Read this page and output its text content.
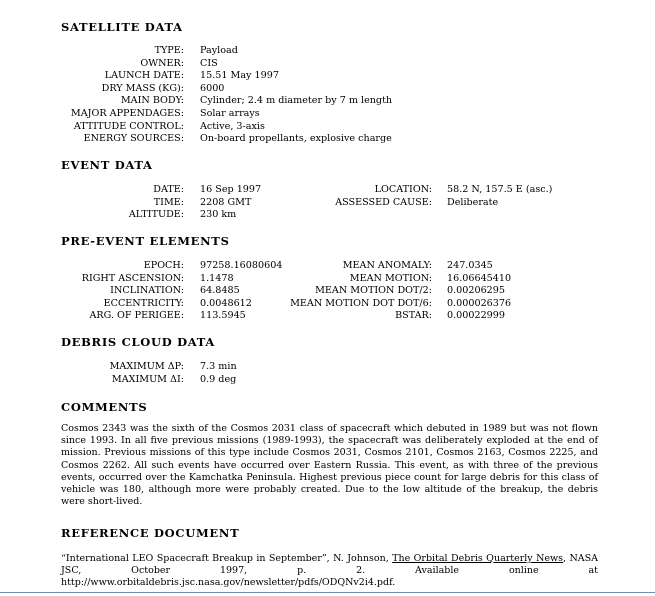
SATELLITE DATA
TYPE: Payload
OWNER: CIS
LAUNCH DATE: 15.51 May 1997
DRY MASS (KG): 6000
MAIN BODY: Cylinder; 2.4 m diameter by 7 m length
MAJOR APPENDAGES: Solar arrays
ATTITUDE CONTROL: Active, 3-axis
ENERGY SOURCES: On-board propellants, explosive charge
EVENT DATA
DATE: 16 Sep 1997
TIME: 2208 GMT
ALTITUDE: 230 km
LOCATION: 58.2 N, 157.5 E (asc.)
ASSESSED CAUSE: Deliberate
PRE-EVENT ELEMENTS
EPOCH: 97258.16080604
RIGHT ASCENSION: 1.1478
INCLINATION: 64.8485
ECCENTRICITY: 0.0048612
ARG. OF PERIGEE: 113.5945
MEAN ANOMALY: 247.0345
MEAN MOTION: 16.06645410
MEAN MOTION DOT/2: 0.00206295
MEAN MOTION DOT DOT/6: 0.000026376
BSTAR: 0.00022999
DEBRIS CLOUD DATA
MAXIMUM ΔP: 7.3 min
MAXIMUM ΔI: 0.9 deg
COMMENTS

Cosmos 2343 was the sixth of the Cosmos 2031 class of spacecraft which debuted in 1989 but was not flown since 1993. In all five previous missions (1989-1993), the spacecraft was deliberately exploded at the end of mission. Previous missions of this type include Cosmos 2031, Cosmos 2101, Cosmos 2163, Cosmos 2225, and Cosmos 2262. All such events have occurred over Eastern Russia. This event, as with three of the previous events, occurred over the Kamchatka Peninsula. Highest previous piece count for large debris for this class of vehicle was 180, although more were probably created. Due to the low altitude of the breakup, the debris were short-lived.

REFERENCE DOCUMENT

“International LEO Spacecraft Breakup in September”, N. Johnson, The Orbital Debris Quarterly News, NASA JSC, October 1997, p. 2. Available online at http://www.orbitaldebris.jsc.nasa.gov/newsletter/pdfs/ODQNv2i4.pdf.
